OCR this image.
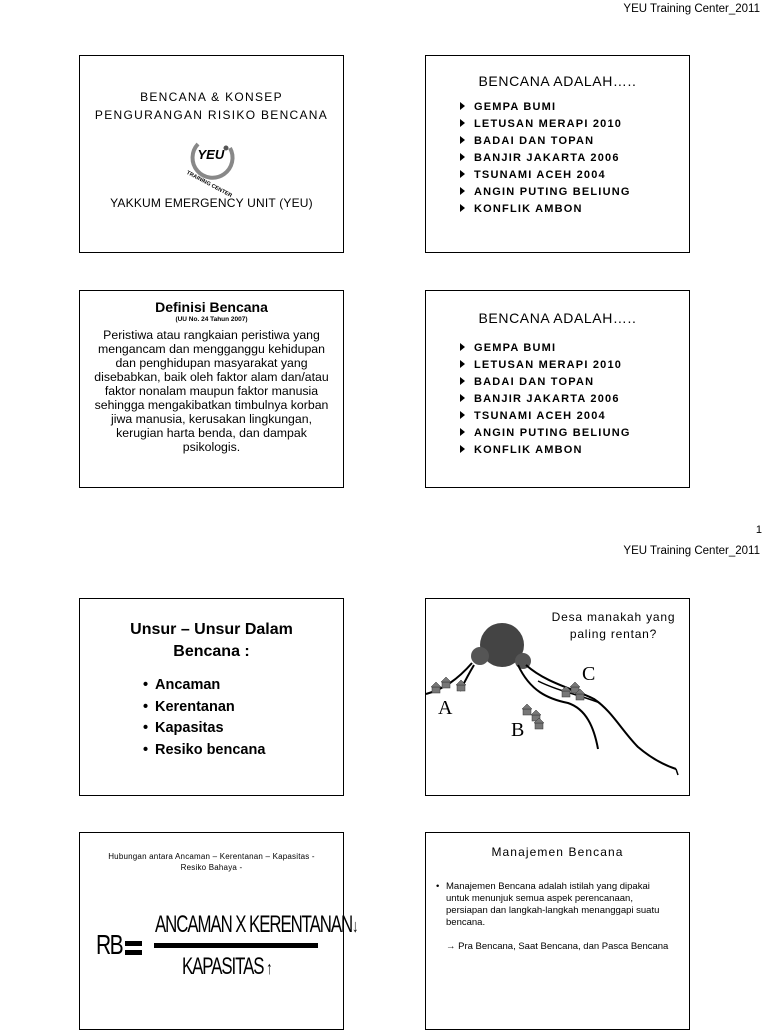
YEU Training Center_2011
BENCANA & KONSEP
PENGURANGAN RISIKO BENCANA
YEU
TRAINING CENTER
YAKKUM EMERGENCY UNIT (YEU)
BENCANA ADALAH…..
GEMPA BUMI
LETUSAN MERAPI 2010
BADAI DAN TOPAN
BANJIR JAKARTA 2006
TSUNAMI ACEH 2004
ANGIN PUTING BELIUNG
KONFLIK AMBON
Definisi Bencana
(UU No. 24 Tahun 2007)
Peristiwa atau rangkaian peristiwa yang mengancam dan mengganggu kehidupan dan penghidupan masyarakat yang disebabkan, baik oleh faktor alam dan/atau faktor nonalam maupun faktor manusia sehingga mengakibatkan timbulnya korban jiwa manusia, kerusakan lingkungan, kerugian harta benda, dan dampak psikologis.
BENCANA ADALAH…..
GEMPA BUMI
LETUSAN MERAPI 2010
BADAI DAN TOPAN
BANJIR JAKARTA 2006
TSUNAMI ACEH 2004
ANGIN PUTING BELIUNG
KONFLIK AMBON
1
YEU Training Center_2011
Unsur – Unsur Dalam
Bencana :
• Ancaman
• Kerentanan
• Kapasitas
• Resiko bencana
Desa manakah yang
paling rentan?
A
B
C
Hubungan antara Ancaman – Kerentanan – Kapasitas -
Resiko Bahaya -
RB
ANCAMAN X KERENTANAN↓
KAPASITAS ↑
Manajemen Bencana
• Manajemen Bencana adalah istilah yang dipakai untuk menunjuk semua aspek perencanaan, persiapan dan langkah-langkah menanggapi suatu bencana.
→ Pra Bencana, Saat Bencana, dan Pasca Bencana
